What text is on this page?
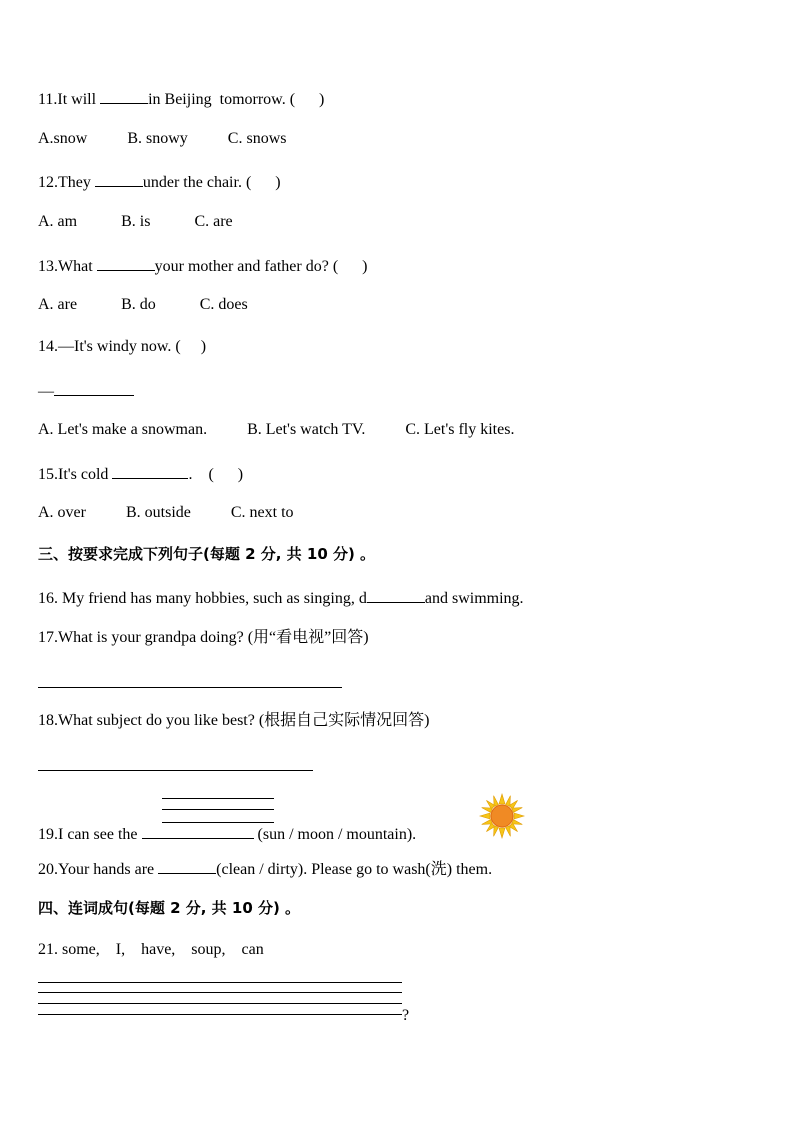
11.It will	in Beijing  tomorrow. (      )
A.snow          B. snowy          C. snows
12.They	under the chair. (      )
A. am           B. is           C. are
13.What	your mother and father do? (      )
A. are           B. do           C. does
14.—It's windy now. (     )
—
A. Let's make a snowman.          B. Let's watch TV.          C. Let's fly kites.
15.It's cold	.    (      )
A. over          B. outside          C. next to
三、按要求完成下列句子(每题 2 分, 共 10 分) 。
16. My friend has many hobbies, such as singing, d	and swimming.
17.What is your grandpa doing? (用“看电视”回答)
18.What subject do you like best? (根据自己实际情况回答)
19.I can see the	(sun / moon / mountain).
20.Your hands are	(clean / dirty). Please go to wash(洗) them.
四、连词成句(每题 2 分, 共 10 分) 。
21. some,    I,    have,    soup,    can
?
